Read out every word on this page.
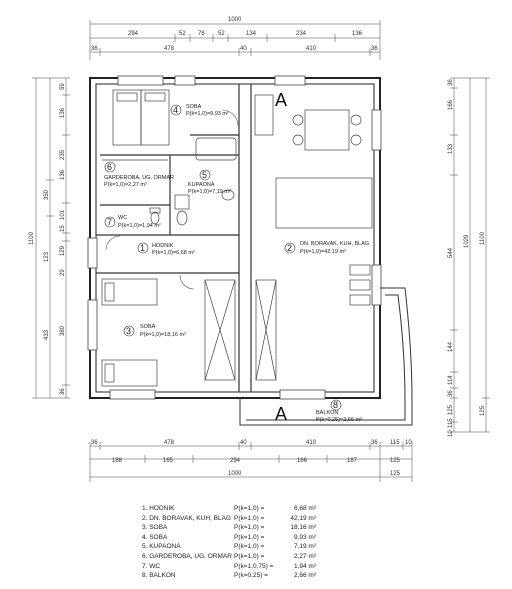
A
A
1 HODNIK
P(k=1,0)=6,68 m²	2 DN. BORAVAK, KUH, BLAG
P(k=1,0)=42,19 m²
3 SOBA
P(k=1,0)=18,16 m²
4 SOBA
P(k=1,0)=9,93 m²
5
KUPAONA
P(k=1,0)=7,19 m²
6
GARDEROBA, UG. ORMAR
P(k=1,0)=2,27 m²
7 WC
P(k=1,0)=1,94 m²
8
BALKON
P(k=0,25)=2,66 m²
1000
294	52 78 52	134	234	136
36	478	40	410	36
36	478	40	410	36 115 10
188	165	294	166	187	125
1000	125
1100
350
123
433
59
136
235
136
101
15
129
29
380
36
36
166
133
544
144
114
36
125
115
10
1029 1100
125
1. HODNIK	P(k=1,0) =	6,68 m²
2. DN. BORAVAK, KUH, BLAG P(k=1,0) =	42,19 m²
3. SOBA	P(k=1,0) =	18,16 m²
4. SOBA	P(k=1,0) =	9,93 m²
5. KUPAONA	P(k=1,0) =	7,19 m²
6. GARDEROBA, UG. ORMAR P(k=1,0) =	2,27 m²
7. WC	P(k=1,0,75) =	1,94 m²
8. BALKON	P(k=0,25) =	2,66 m²
